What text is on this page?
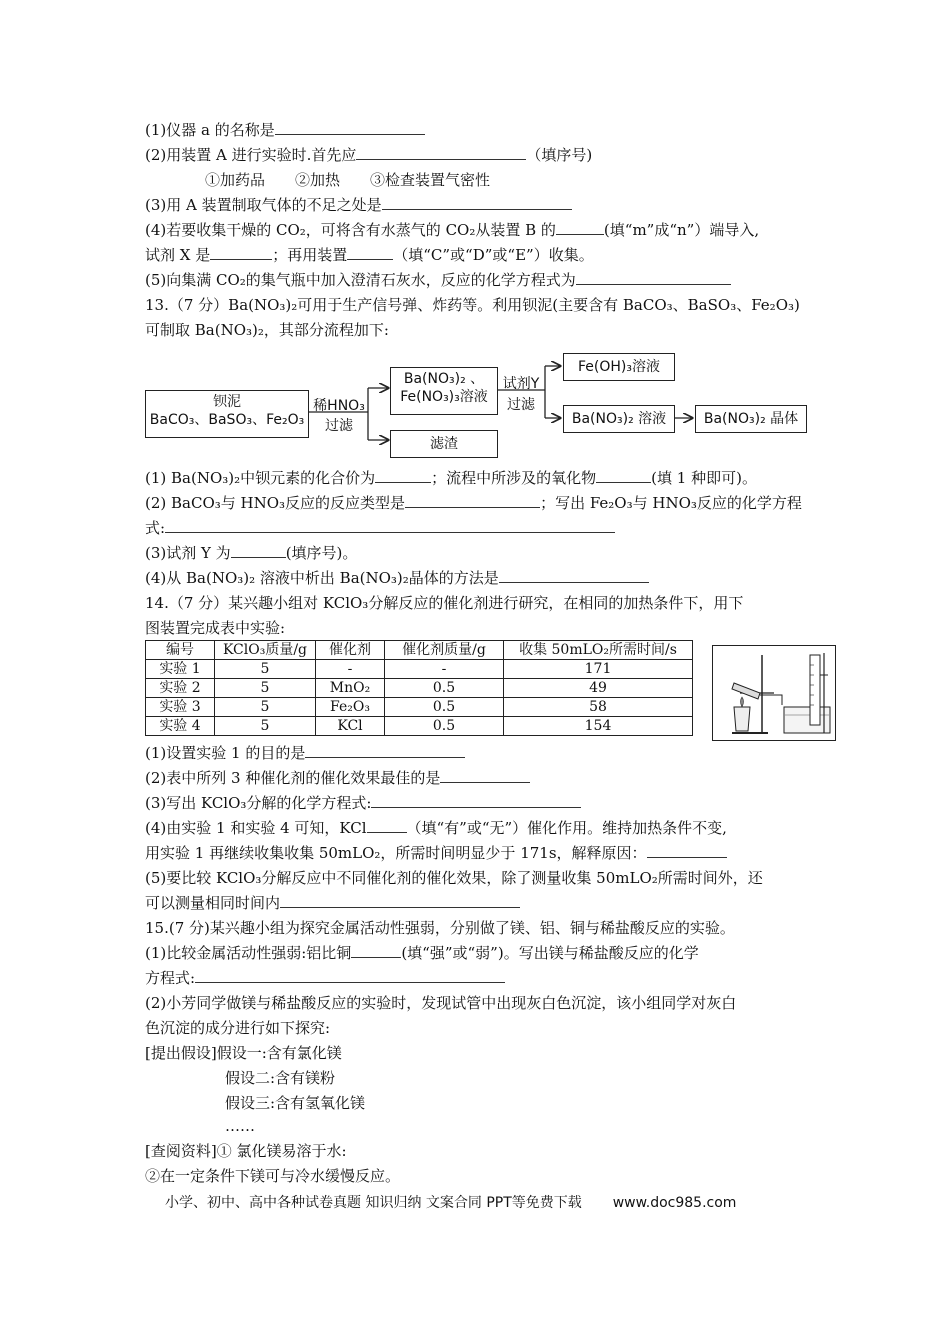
(1)仪器 a 的名称是
(2)用装置 A 进行实验时.首先应	（填序号)
①加药品　　②加热　　③检查装置气密性
(3)用 A 装置制取气体的不足之处是
(4)若要收集干燥的 CO₂，可将含有水蒸气的 CO₂从装置 B 的	(填“m”成“n”）端导入,
试剂 X 是	；再用装置	（填“C”或“D”或“E”）收集。
(5)向集满 CO₂的集气瓶中加入澄清石灰水，反应的化学方程式为
13.（7 分）Ba(NO₃)₂可用于生产信号弹、炸药等。利用钡泥(主要含有 BaCO₃、BaSO₃、Fe₂O₃)
可制取 Ba(NO₃)₂，其部分流程加下:
钡泥
BaCO₃、BaSO₃、Fe₂O₃
稀HNO₃
过滤
Ba(NO₃)₂ 、
Fe(NO₃)₃溶液
滤渣
试剂Y
过滤
Fe(OH)₃溶液
Ba(NO₃)₂ 溶液	Ba(NO₃)₂ 晶体
(1) Ba(NO₃)₂中钡元素的化合价为	；流程中所涉及的氧化物	(填 1 种即可)。
(2) BaCO₃与 HNO₃反应的反应类型是	；写出 Fe₂O₃与 HNO₃反应的化学方程
式:
(3)试剂 Y 为	(填序号)。
(4)从 Ba(NO₃)₂ 溶液中析出 Ba(NO₃)₂晶体的方法是
14.（7 分）某兴趣小组对 KClO₃分解反应的催化剂进行研究，在相同的加热条件下，用下
图装置完成表中实验:
编号	KClO₃质量/g	催化剂	催化剂质量/g	收集 50mLO₂所需时间/s
实验 1	5	-	-	171
实验 2	5	MnO₂	0.5	49
实验 3	5	Fe₂O₃	0.5	58
实验 4	5	KCl	0.5	154
(1)设置实验 1 的目的是
(2)表中所列 3 种催化剂的催化效果最佳的是
(3)写出 KClO₃分解的化学方程式:
(4)由实验 1 和实验 4 可知，KCl	（填“有”或“无”）催化作用。维持加热条件不变,
用实验 1 再继续收集收集 50mLO₂，所需时间明显少于 171s，解释原因：
(5)要比较 KClO₃分解反应中不同催化剂的催化效果，除了测量收集 50mLO₂所需时间外，还
可以测量相同时间内
15.(7 分)某兴趣小组为探究金属活动性强弱，分别做了镁、铝、铜与稀盐酸反应的实验。
(1)比较金属活动性强弱:铝比铜	(填“强”或“弱”)。写出镁与稀盐酸反应的化学
方程式:
(2)小芳同学做镁与稀盐酸反应的实验时，发现试管中出现灰白色沉淀，该小组同学对灰白
色沉淀的成分进行如下探究:
[提出假设]假设一:含有氯化镁
假设二:含有镁粉
假设三:含有氢氧化镁
……
[查阅资料]① 氯化镁易溶于水:
②在一定条件下镁可与冷水缓慢反应。
小学、初中、高中各种试卷真题 知识归纳 文案合同 PPT等免费下载 www.doc985.com
